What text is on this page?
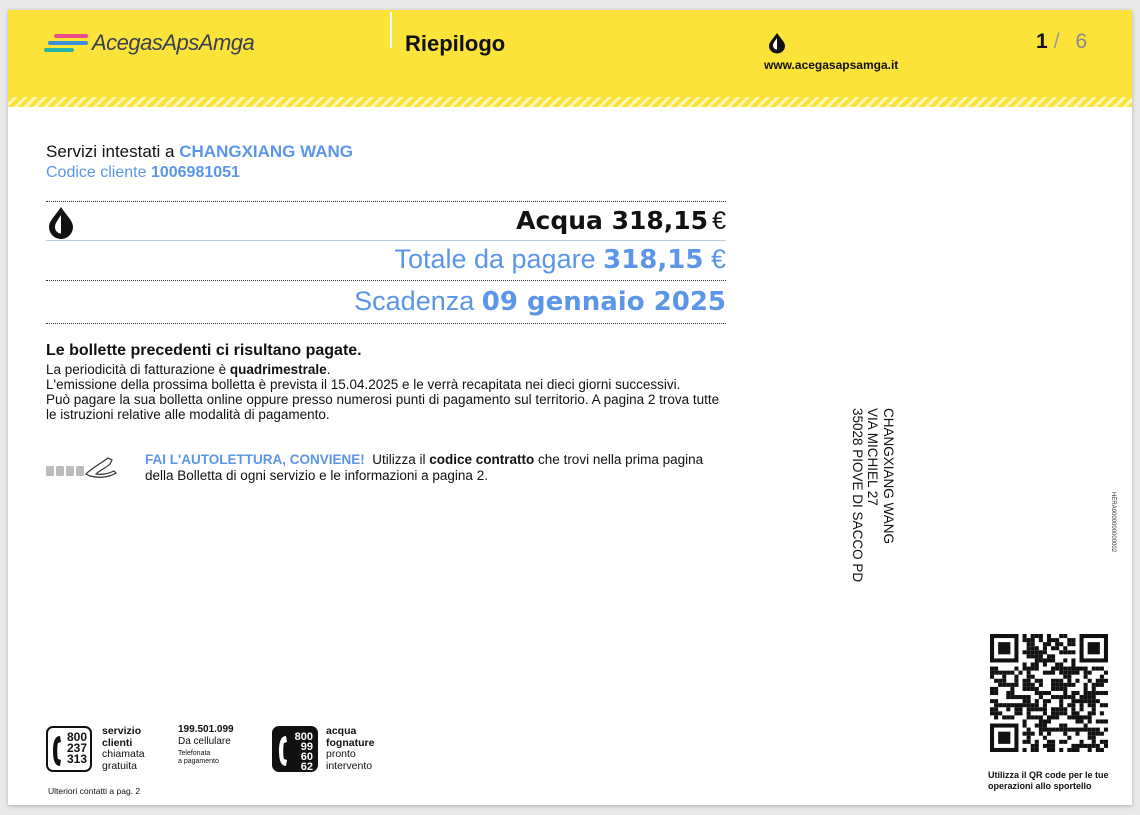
AcegasApsAmga	Riepilogo
www.acegasapsamga.it
1 / 6
Servizi intestati a CHANGXIANG WANG
Codice cliente 1006981051
Acqua 318,15 €
Totale da pagare 318,15 €
Scadenza 09 gennaio 2025
Le bollette precedenti ci risultano pagate.

La periodicità di fatturazione è quadrimestrale.

L'emissione della prossima bolletta è prevista il 15.04.2025 e le verrà recapitata nei dieci giorni successivi.

Può pagare la sua bolletta online oppure presso numerosi punti di pagamento sul territorio. A pagina 2 trova tutte le istruzioni relative alle modalità di pagamento.

FAI L'AUTOLETTURA, CONVIENE! Utilizza il codice contratto che trovi nella prima pagina della Bolletta di ogni servizio e le informazioni a pagina 2.	CHANGXIANG WANG
VIA MICHIEL 27
35028 PIOVE DI SACCO PD	HERA0000000000002
Utilizza il QR code per le tue operazioni allo sportello
800
237
313
servizio
clienti
chiamata
gratuita
199.501.099
Da cellulare
Telefonata
a pagamento
800
99
60
62
acqua
fognature
pronto
intervento
Ulteriori contatti a pag. 2
